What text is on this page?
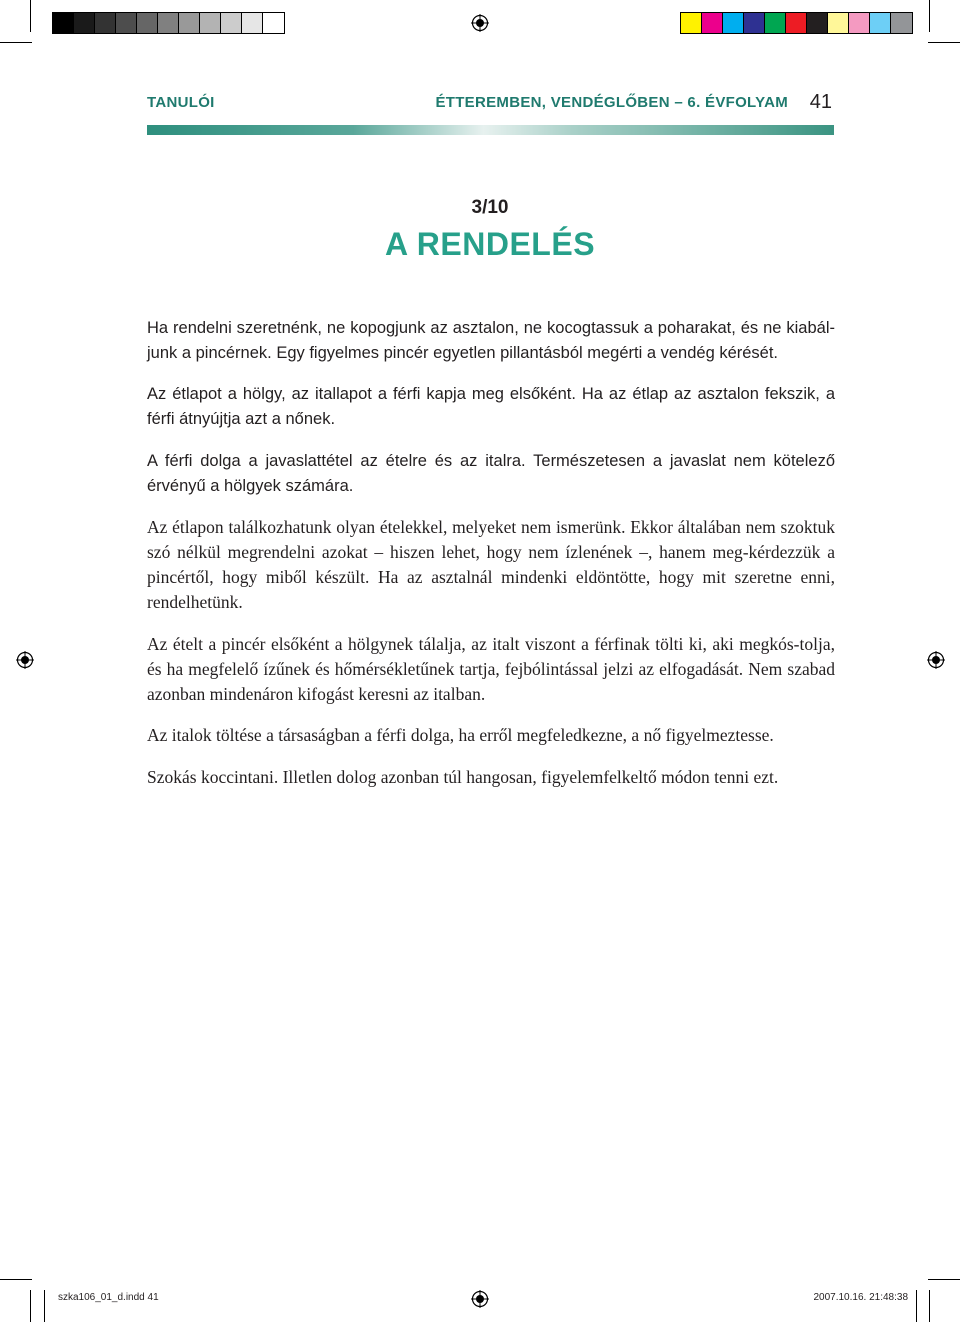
TANULÓI	ÉTTEREMBEN, VENDÉGLŐBEN – 6. ÉVFOLYAM 41
3/10
A RENDELÉS
Ha rendelni szeretnénk, ne kopogjunk az asztalon, ne kocogtassuk a poharakat, és ne kiabál-junk a pincérnek. Egy figyelmes pincér egyetlen pillantásból megérti a vendég kérését.
Az étlapot a hölgy, az itallapot a férfi kapja meg elsőként. Ha az étlap az asztalon fekszik, a férfi átnyújtja azt a nőnek.
A férfi dolga a javaslattétel az ételre és az italra. Természetesen a javaslat nem kötelező érvényű a hölgyek számára.
Az étlapon találkozhatunk olyan ételekkel, melyeket nem ismerünk. Ekkor általában nem szoktuk szó nélkül megrendelni azokat – hiszen lehet, hogy nem ízlenének –, hanem meg-kérdezzük a pincértől, hogy miből készült. Ha az asztalnál mindenki eldöntötte, hogy mit szeretne enni, rendelhetünk.
Az ételt a pincér elsőként a hölgynek tálalja, az italt viszont a férfinak tölti ki, aki megkós-tolja, és ha megfelelő ízűnek és hőmérsékletűnek tartja, fejbólintással jelzi az elfogadását. Nem szabad azonban mindenáron kifogást keresni az italban.
Az italok töltése a társaságban a férfi dolga, ha erről megfeledkezne, a nő figyelmeztesse.
Szokás koccintani. Illetlen dolog azonban túl hangosan, figyelemfelkeltő módon tenni ezt.
szka106_01_d.indd 41	2007.10.16. 21:48:38
